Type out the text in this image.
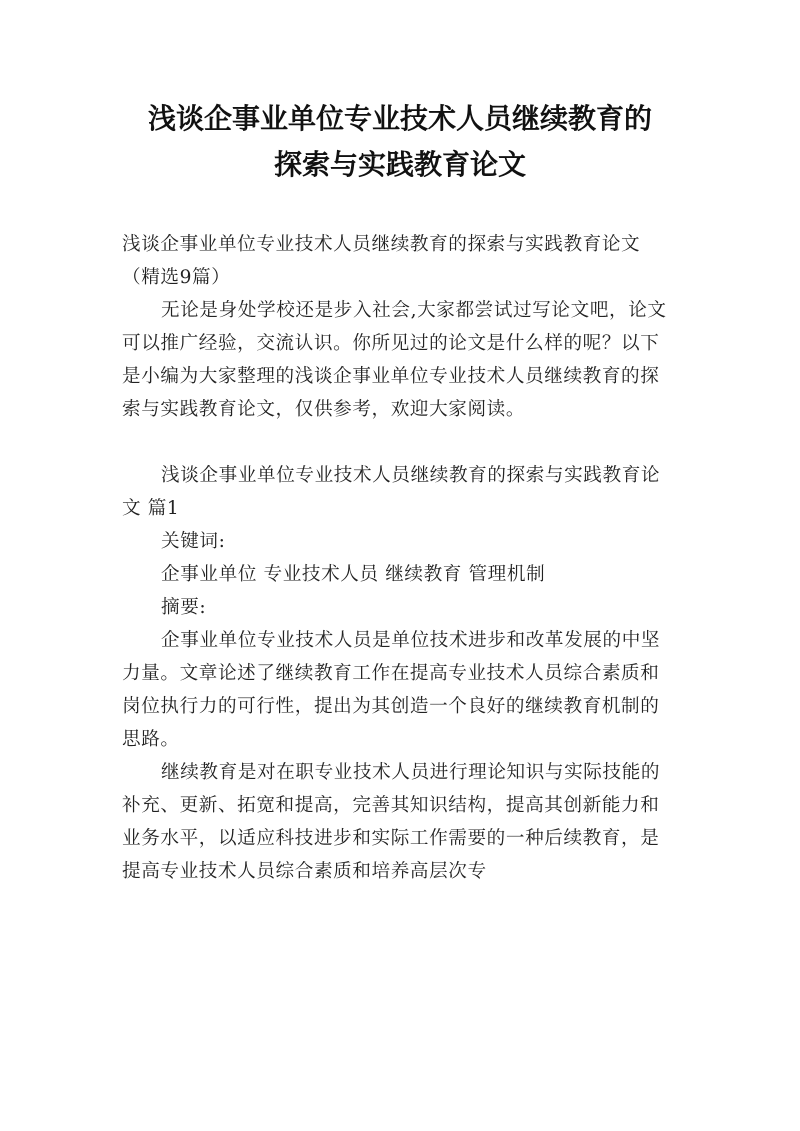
浅谈企事业单位专业技术人员继续教育的
探索与实践教育论文

浅谈企事业单位专业技术人员继续教育的探索与实践教育论文（精选9篇）

无论是身处学校还是步入社会,大家都尝试过写论文吧，论文可以推广经验，交流认识。你所见过的论文是什么样的呢？以下是小编为大家整理的浅谈企事业单位专业技术人员继续教育的探索与实践教育论文，仅供参考，欢迎大家阅读。

浅谈企事业单位专业技术人员继续教育的探索与实践教育论文 篇1

关键词:

企事业单位 专业技术人员 继续教育 管理机制

摘要:

企事业单位专业技术人员是单位技术进步和改革发展的中坚力量。文章论述了继续教育工作在提高专业技术人员综合素质和岗位执行力的可行性，提出为其创造一个良好的继续教育机制的思路。

继续教育是对在职专业技术人员进行理论知识与实际技能的补充、更新、拓宽和提高，完善其知识结构，提高其创新能力和业务水平，以适应科技进步和实际工作需要的一种后续教育，是提高专业技术人员综合素质和培养高层次专
